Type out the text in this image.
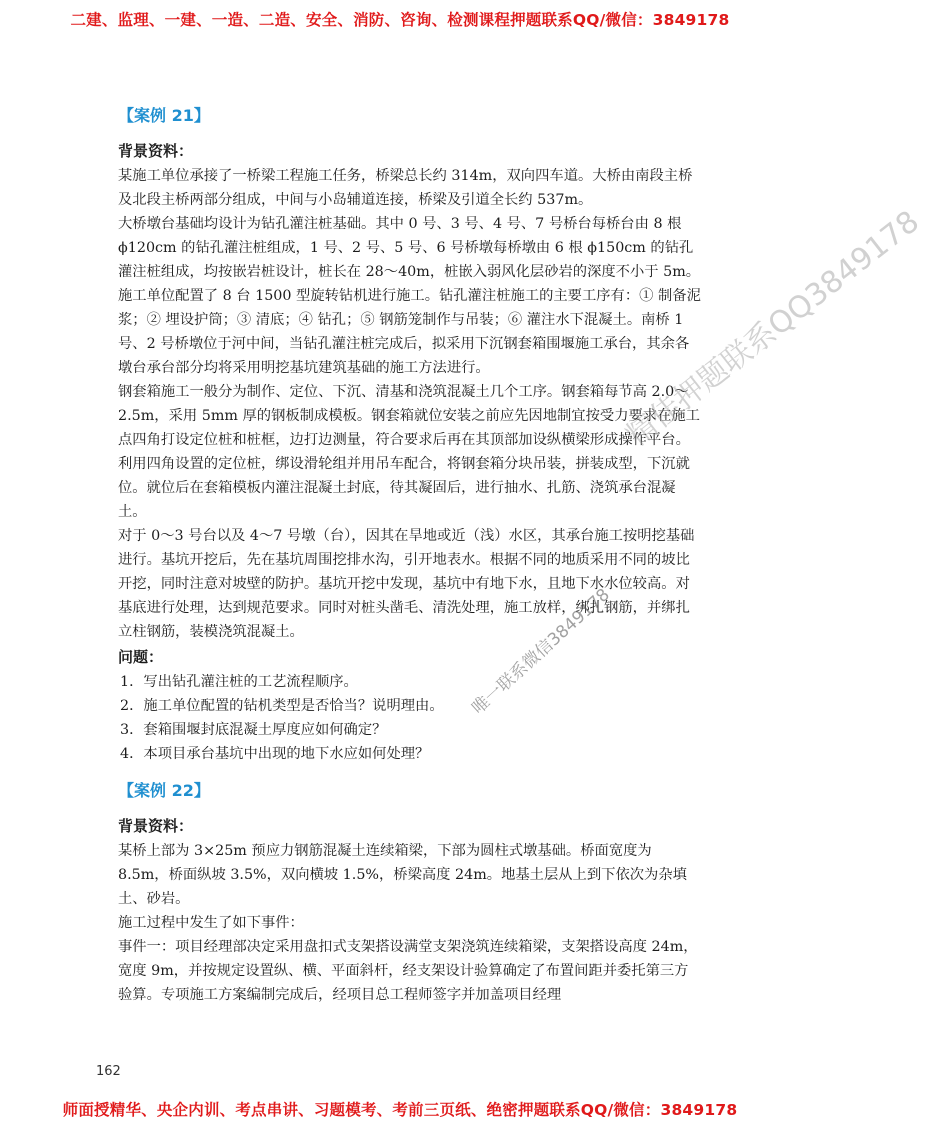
二建、监理、一建、一造、二造、安全、消防、咨询、检测课程押题联系QQ/微信：3849178

【案例 21】

背景资料：

某施工单位承接了一桥梁工程施工任务，桥梁总长约 314m，双向四车道。大桥由南段主桥及北段主桥两部分组成，中间与小岛辅道连接，桥梁及引道全长约 537m。

大桥墩台基础均设计为钻孔灌注桩基础。其中 0 号、3 号、4 号、7 号桥台每桥台由 8 根 ϕ120cm 的钻孔灌注桩组成，1 号、2 号、5 号、6 号桥墩每桥墩由 6 根 ϕ150cm 的钻孔灌注桩组成，均按嵌岩桩设计，桩长在 28～40m，桩嵌入弱风化层砂岩的深度不小于 5m。施工单位配置了 8 台 1500 型旋转钻机进行施工。钻孔灌注桩施工的主要工序有：① 制备泥浆；② 埋设护筒；③ 清底；④ 钻孔；⑤ 钢筋笼制作与吊装；⑥ 灌注水下混凝土。南桥 1 号、2 号桥墩位于河中间，当钻孔灌注桩完成后，拟采用下沉钢套箱围堰施工承台，其余各墩台承台部分均将采用明挖基坑建筑基础的施工方法进行。

钢套箱施工一般分为制作、定位、下沉、清基和浇筑混凝土几个工序。钢套箱每节高 2.0～2.5m，采用 5mm 厚的钢板制成模板。钢套箱就位安装之前应先因地制宜按受力要求在施工点四角打设定位桩和桩框，边打边测量，符合要求后再在其顶部加设纵横梁形成操作平台。利用四角设置的定位桩，绑设滑轮组并用吊车配合，将钢套箱分块吊装，拼装成型，下沉就位。就位后在套箱模板内灌注混凝土封底，待其凝固后，进行抽水、扎筋、浇筑承台混凝土。

对于 0～3 号台以及 4～7 号墩（台），因其在旱地或近（浅）水区，其承台施工按明挖基础进行。基坑开挖后，先在基坑周围挖排水沟，引开地表水。根据不同的地质采用不同的坡比开挖，同时注意对坡壁的防护。基坑开挖中发现，基坑中有地下水，且地下水水位较高。对基底进行处理，达到规范要求。同时对桩头凿毛、清洗处理，施工放样，绑扎钢筋，并绑扎立柱钢筋，装模浇筑混凝土。

问题：

1．写出钻孔灌注桩的工艺流程顺序。

2．施工单位配置的钻机类型是否恰当？说明理由。

3．套箱围堰封底混凝土厚度应如何确定？

4．本项目承台基坑中出现的地下水应如何处理？

【案例 22】

背景资料：

某桥上部为 3×25m 预应力钢筋混凝土连续箱梁，下部为圆柱式墩基础。桥面宽度为 8.5m，桥面纵坡 3.5%，双向横坡 1.5%，桥梁高度 24m。地基土层从上到下依次为杂填土、砂岩。

施工过程中发生了如下事件：

事件一：项目经理部决定采用盘扣式支架搭设满堂支架浇筑连续箱梁，支架搭设高度 24m，宽度 9m，并按规定设置纵、横、平面斜杆，经支架设计验算确定了布置间距并委托第三方验算。专项施工方案编制完成后，经项目总工程师签字并加盖项目经理

精佳押题联系QQ3849178
唯一联系微信3849178
162
师面授精华、央企内训、考点串讲、习题模考、考前三页纸、绝密押题联系QQ/微信：3849178
